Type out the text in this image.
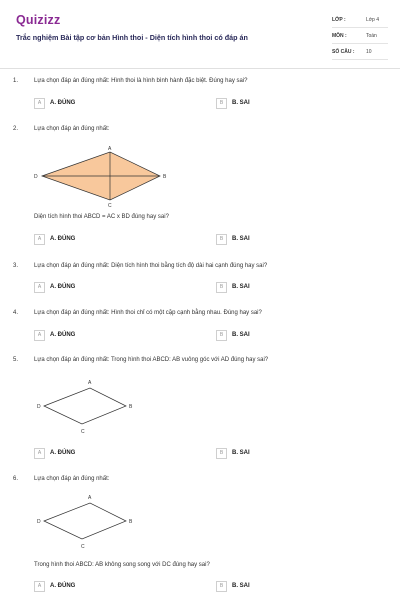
Quizizz
Trắc nghiệm Bài tập cơ bản Hình thoi - Diện tích hình thoi có đáp án
LỚP :	Lớp 4
MÔN :	Toán
SỐ CÂU : 10
1.	Lựa chọn đáp án đúng nhất: Hình thoi là hình bình hành đặc biệt. Đúng hay sai?
A	A. ĐÚNG	B	B. SAI
2.	Lựa chọn đáp án đúng nhất:
A
B
C
D
Diện tích hình thoi ABCD = AC x BD đúng hay sai?
A	A. ĐÚNG	B	B. SAI
3.	Lựa chọn đáp án đúng nhất: Diện tích hình thoi bằng tích độ dài hai cạnh đúng hay sai?
A	A. ĐÚNG	B	B. SAI
4.	Lựa chọn đáp án đúng nhất: Hình thoi chỉ có một cặp cạnh bằng nhau. Đúng hay sai?
A	A. ĐÚNG	B	B. SAI
5.	Lựa chọn đáp án đúng nhất: Trong hình thoi ABCD: AB vuông góc với AD đúng hay sai?
A
B
C
D
A	A. ĐÚNG	B	B. SAI
6.	Lựa chọn đáp án đúng nhất:
A
B
C
D
Trong hình thoi ABCD: AB không song song với DC đúng hay sai?
A	A. ĐÚNG	B	B. SAI
